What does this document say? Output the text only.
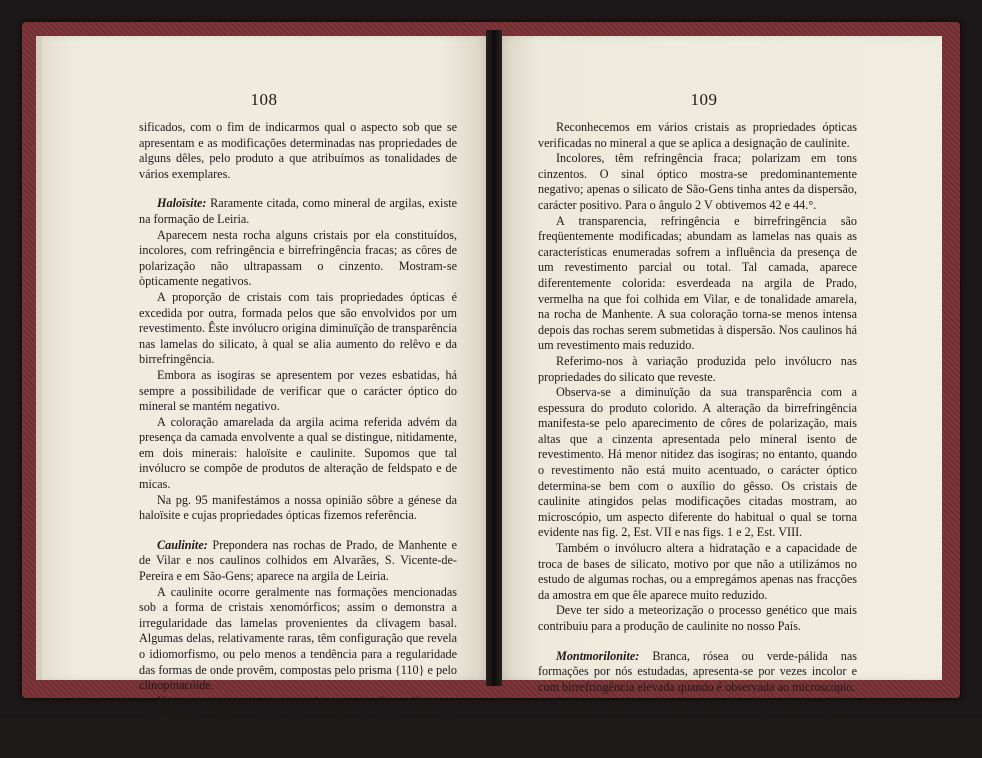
108

sificados, com o fim de indicarmos qual o aspecto sob que se apresentam e as modificações determinadas nas propriedades de alguns dêles, pelo produto a que atribuímos as tonalidades de vários exemplares.

Haloïsite: Raramente citada, como mineral de argilas, existe na formação de Leiria.

Aparecem nesta rocha alguns cristais por ela constituídos, incolores, com refringência e birrefringência fracas; as côres de polarização não ultrapassam o cinzento. Mostram-se òpticamente negativos.

A proporção de cristais com tais propriedades ópticas é excedida por outra, formada pelos que são envolvidos por um revestimento. Êste invólucro origina diminuïção de transparência nas lamelas do silicato, à qual se alia aumento do relêvo e da birrefringência.

Embora as isogiras se apresentem por vezes esbatidas, há sempre a possibilidade de verificar que o carácter óptico do mineral se mantém negativo.

A coloração amarelada da argila acima referida advém da presença da camada envolvente a qual se distingue, nitidamente, em dois minerais: haloïsite e caulinite. Supomos que tal invólucro se compõe de produtos de alteração de feldspato e de micas.

Na pg. 95 manifestámos a nossa opinião sôbre a génese da haloïsite e cujas propriedades ópticas fizemos referência.

Caulinite: Prepondera nas rochas de Prado, de Manhente e de Vilar e nos caulinos colhidos em Alvarães, S. Vicente-de-Pereira e em São-Gens; aparece na argila de Leiria.

A caulinite ocorre geralmente nas formações mencionadas sob a forma de cristais xenomórficos; assim o demonstra a irregularidade das lamelas provenientes da clivagem basal. Algumas delas, relativamente raras, têm configuração que revela o idiomorfismo, ou pelo menos a tendência para a regularidade das formas de onde provêm, compostas pelo prisma {110} e pelo clinopinacóide.

Um outro aspecto, suposto inerente a êste silicato e reconhecido poucas vezes nas rochas argilosas par nós estudadas, é representado pelas formas encurvadas como os das figs. 1, Est. V e 3, Est. VII.

109

Reconhecemos em vários cristais as propriedades ópticas verificadas no mineral a que se aplica a designação de caulinite.

Incolores, têm refringência fraca; polarizam em tons cinzentos. O sinal óptico mostra-se predominantemente negativo; apenas o silicato de São-Gens tinha antes da dispersão, carácter positivo. Para o ângulo 2 V obtivemos 42 e 44.°.

A transparencia, refringência e birrefringência são freqüentemente modificadas; abundam as lamelas nas quais as características enumeradas sofrem a influência da presença de um revestimento parcial ou total. Tal camada, aparece diferentemente colorida: esverdeada na argila de Prado, vermelha na que foi colhida em Vilar, e de tonalidade amarela, na rocha de Manhente. A sua coloração torna-se menos intensa depois das rochas serem submetidas à dispersão. Nos caulinos há um revestimento mais reduzido.

Referimo-nos à variação produzida pelo invólucro nas propriedades do silicato que reveste.

Observa-se a diminuïção da sua transparência com a espessura do produto colorido. A alteração da birrefringência manifesta-se pelo aparecimento de côres de polarização, mais altas que a cinzenta apresentada pelo mineral isento de revestimento. Há menor nitidez das isogiras; no entanto, quando o revestimento não está muito acentuado, o carácter óptico determina-se bem com o auxílio do gêsso. Os cristais de caulinite atingidos pelas modificações citadas mostram, ao microscópio, um aspecto diferente do habitual o qual se torna evidente nas fig. 2, Est. VII e nas figs. 1 e 2, Est. VIII.

Também o invólucro altera a hidratação e a capacidade de troca de bases de silicato, motivo por que não a utilizámos no estudo de algumas rochas, ou a empregámos apenas nas fracções da amostra em que êle aparece muito reduzido.

Deve ter sido a meteorização o processo genético que mais contribuiu para a produção de caulinite no nosso País.

Montmorilonite: Branca, rósea ou verde-pálida nas formações por nós estudadas, apresenta-se por vezes incolor e com birrefringência elevada quando é observada ao microscópio.

Julgamos que as lamelas com as propriedades ópticas mencionadas constituíam a parte interna de partículas fàcilmente desagregadas. Proviriam da porção superficial das mesmas partículas as
